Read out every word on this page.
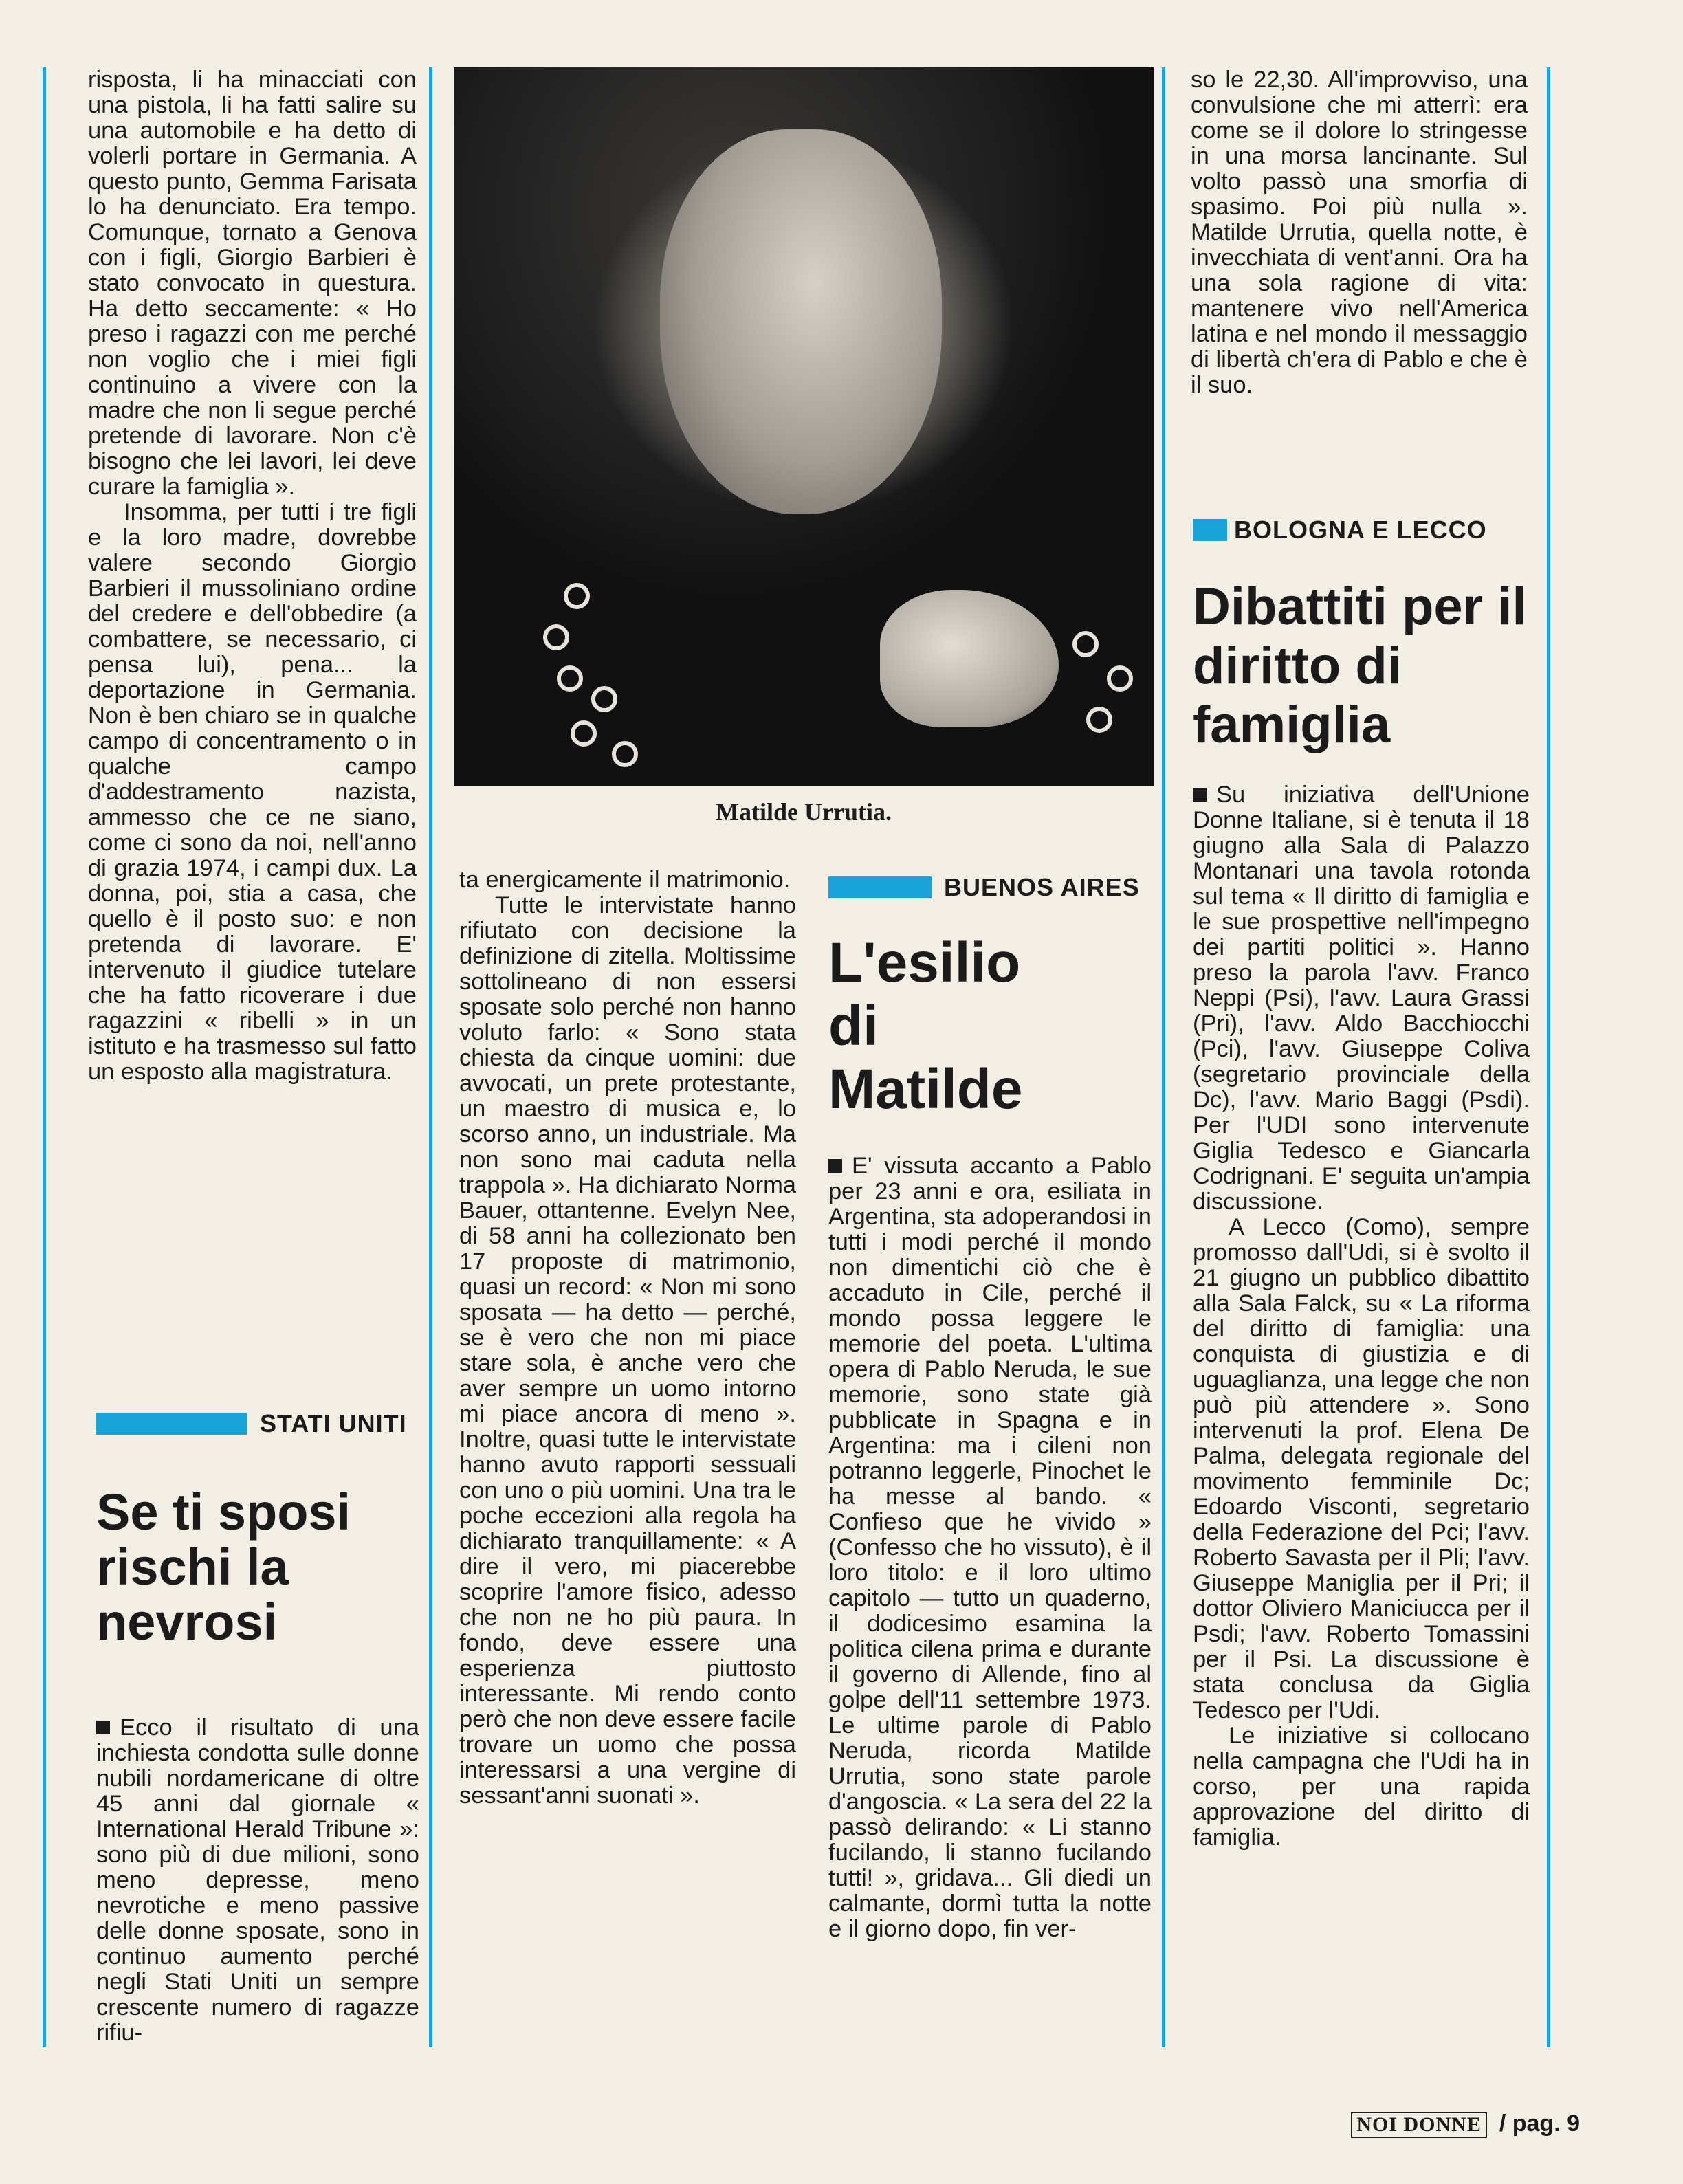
risposta, li ha minacciati con una pistola, li ha fatti salire su una automobile e ha detto di volerli portare in Germania. A questo punto, Gemma Farisata lo ha denunciato. Era tempo. Comunque, tornato a Genova con i figli, Giorgio Barbieri è stato convocato in questura. Ha detto seccamente: « Ho preso i ragazzi con me perché non voglio che i miei figli continuino a vivere con la madre che non li segue perché pretende di lavorare. Non c'è bisogno che lei lavori, lei deve curare la famiglia ».

Insomma, per tutti i tre figli e la loro madre, dovrebbe valere secondo Giorgio Barbieri il mussoliniano ordine del credere e dell'obbedire (a combattere, se necessario, ci pensa lui), pena... la deportazione in Germania. Non è ben chiaro se in qualche campo di concentramento o in qualche campo d'addestramento nazista, ammesso che ce ne siano, come ci sono da noi, nell'anno di grazia 1974, i campi dux. La donna, poi, stia a casa, che quello è il posto suo: e non pretenda di lavorare. E' intervenuto il giudice tutelare che ha fatto ricoverare i due ragazzini « ribelli » in un istituto e ha trasmesso sul fatto un esposto alla magistratura.

STATI UNITI
Se ti sposi rischi la nevrosi

Ecco il risultato di una inchiesta condotta sulle donne nubili nordamericane di oltre 45 anni dal giornale « International Herald Tribune »: sono più di due milioni, sono meno depresse, meno nevrotiche e meno passive delle donne sposate, sono in continuo aumento perché negli Stati Uniti un sempre crescente numero di ragazze rifiu-

Matilde Urrutia.

ta energicamente il matrimonio.

Tutte le intervistate hanno rifiutato con decisione la definizione di zitella. Moltissime sottolineano di non essersi sposate solo perché non hanno voluto farlo: « Sono stata chiesta da cinque uomini: due avvocati, un prete protestante, un maestro di musica e, lo scorso anno, un industriale. Ma non sono mai caduta nella trappola ». Ha dichiarato Norma Bauer, ottantenne. Evelyn Nee, di 58 anni ha collezionato ben 17 proposte di matrimonio, quasi un record: « Non mi sono sposata — ha detto — perché, se è vero che non mi piace stare sola, è anche vero che aver sempre un uomo intorno mi piace ancora di meno ». Inoltre, quasi tutte le intervistate hanno avuto rapporti sessuali con uno o più uomini. Una tra le poche eccezioni alla regola ha dichiarato tranquillamente: « A dire il vero, mi piacerebbe scoprire l'amore fisico, adesso che non ne ho più paura. In fondo, deve essere una esperienza piuttosto interessante. Mi rendo conto però che non deve essere facile trovare un uomo che possa interessarsi a una vergine di sessant'anni suonati ».

BUENOS AIRES
L'esilio di Matilde

E' vissuta accanto a Pablo per 23 anni e ora, esiliata in Argentina, sta adoperandosi in tutti i modi perché il mondo non dimentichi ciò che è accaduto in Cile, perché il mondo possa leggere le memorie del poeta. L'ultima opera di Pablo Neruda, le sue memorie, sono state già pubblicate in Spagna e in Argentina: ma i cileni non potranno leggerle, Pinochet le ha messe al bando. « Confieso que he vivido » (Confesso che ho vissuto), è il loro titolo: e il loro ultimo capitolo — tutto un quaderno, il dodicesimo esamina la politica cilena prima e durante il governo di Allende, fino al golpe dell'11 settembre 1973. Le ultime parole di Pablo Neruda, ricorda Matilde Urrutia, sono state parole d'angoscia. « La sera del 22 la passò delirando: « Li stanno fucilando, li stanno fucilando tutti! », gridava... Gli diedi un calmante, dormì tutta la notte e il giorno dopo, fin ver-

so le 22,30. All'improvviso, una convulsione che mi atterrì: era come se il dolore lo stringesse in una morsa lancinante. Sul volto passò una smorfia di spasimo. Poi più nulla ». Matilde Urrutia, quella notte, è invecchiata di vent'anni. Ora ha una sola ragione di vita: mantenere vivo nell'America latina e nel mondo il messaggio di libertà ch'era di Pablo e che è il suo.

BOLOGNA E LECCO
Dibattiti per il diritto di famiglia

Su iniziativa dell'Unione Donne Italiane, si è tenuta il 18 giugno alla Sala di Palazzo Montanari una tavola rotonda sul tema « Il diritto di famiglia e le sue prospettive nell'impegno dei partiti politici ». Hanno preso la parola l'avv. Franco Neppi (Psi), l'avv. Laura Grassi (Pri), l'avv. Aldo Bacchiocchi (Pci), l'avv. Giuseppe Coliva (segretario provinciale della Dc), l'avv. Mario Baggi (Psdi). Per l'UDI sono intervenute Giglia Tedesco e Giancarla Codrignani. E' seguita un'ampia discussione.

A Lecco (Como), sempre promosso dall'Udi, si è svolto il 21 giugno un pubblico dibattito alla Sala Falck, su « La riforma del diritto di famiglia: una conquista di giustizia e di uguaglianza, una legge che non può più attendere ». Sono intervenuti la prof. Elena De Palma, delegata regionale del movimento femminile Dc; Edoardo Visconti, segretario della Federazione del Pci; l'avv. Roberto Savasta per il Pli; l'avv. Giuseppe Maniglia per il Pri; il dottor Oliviero Maniciucca per il Psdi; l'avv. Roberto Tomassini per il Psi. La discussione è stata conclusa da Giglia Tedesco per l'Udi.

Le iniziative si collocano nella campagna che l'Udi ha in corso, per una rapida approvazione del diritto di famiglia.

NOI DONNE / pag. 9
